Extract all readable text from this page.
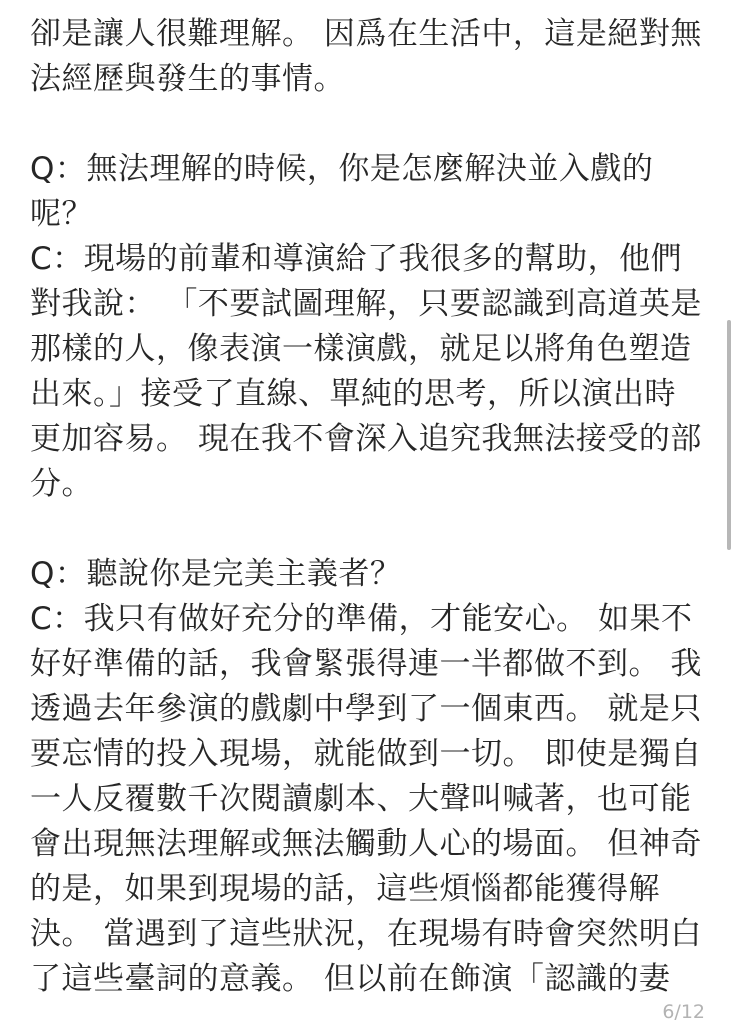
卻是讓人很難理解。 因爲在生活中，這是絕對無
法經歷與發生的事情。
Q：無法理解的時候，你是怎麼解決並入戲的
呢？
C：現場的前輩和導演給了我很多的幫助，他們
對我說： 「不要試圖理解，只要認識到高道英是
那樣的人，像表演一樣演戲，就足以將角色塑造
出來。」接受了直線、單純的思考，所以演出時
更加容易。 現在我不會深入追究我無法接受的部
分。
Q：聽說你是完美主義者？
C：我只有做好充分的準備，才能安心。 如果不
好好準備的話，我會緊張得連一半都做不到。 我
透過去年參演的戲劇中學到了一個東西。 就是只
要忘情的投入現場，就能做到一切。 即使是獨自
一人反覆數千次閱讀劇本、大聲叫喊著，也可能
會出現無法理解或無法觸動人心的場面。 但神奇
的是，如果到現場的話，這些煩惱都能獲得解
決。 當遇到了這些狀況，在現場有時會突然明白
了這些臺詞的意義。 但以前在飾演「認識的妻
6/12
